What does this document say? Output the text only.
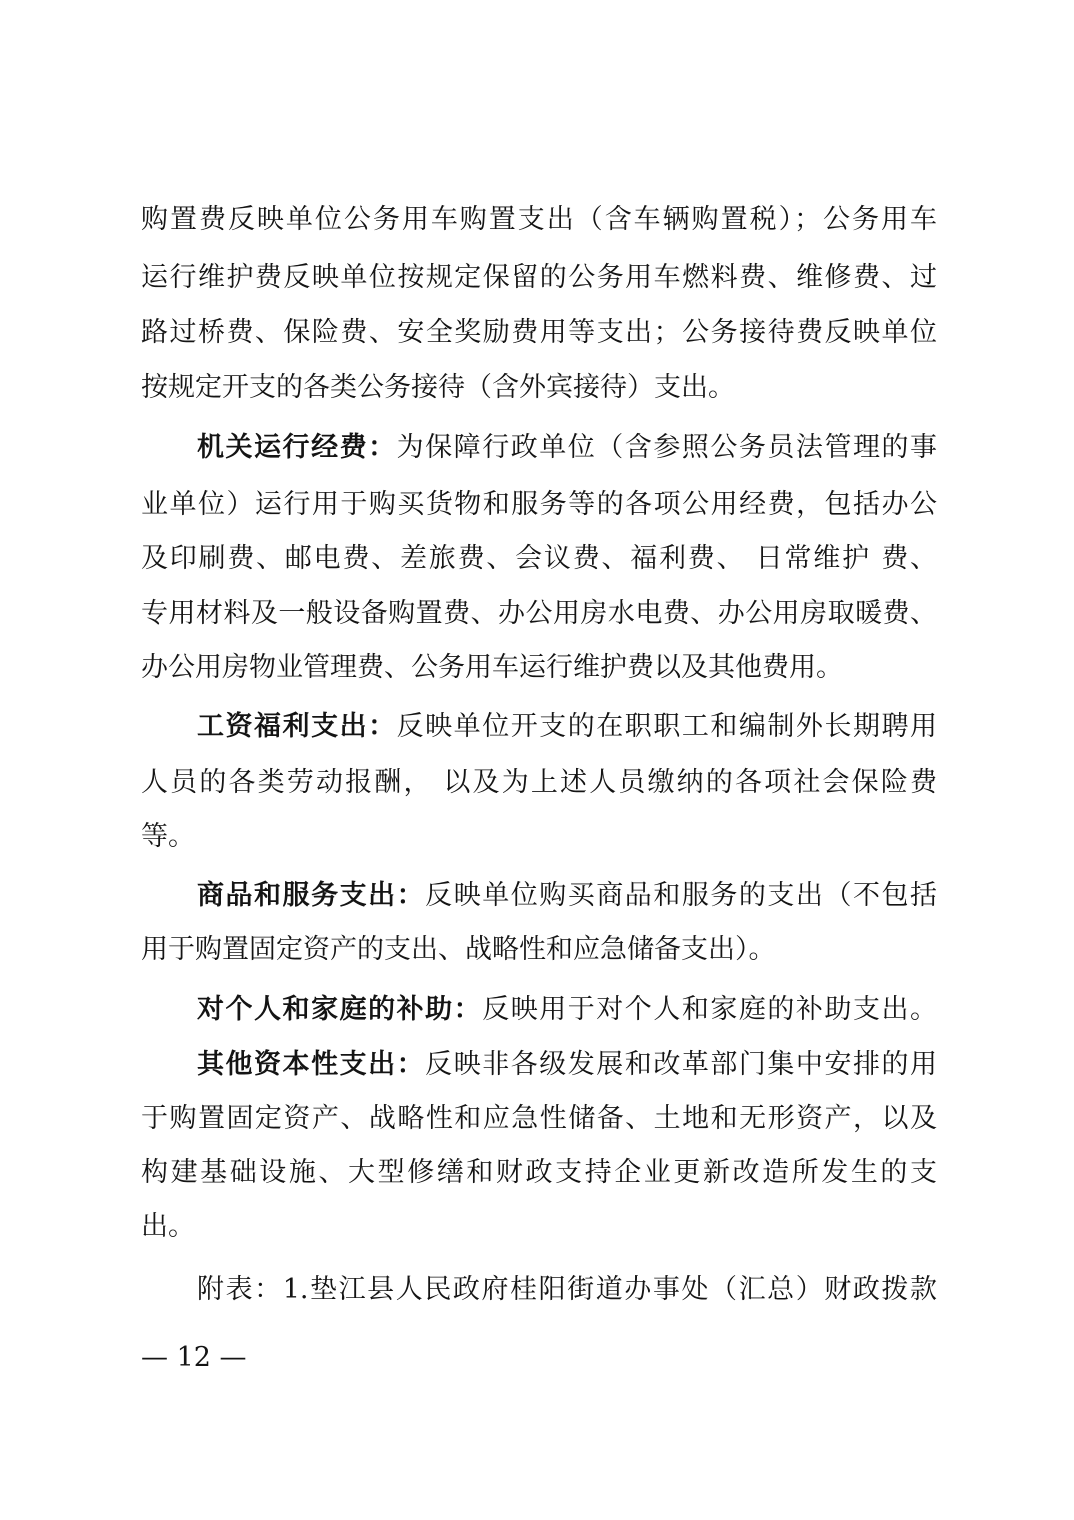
购置费反映单位公务用车购置支出（含车辆购置税）；公务用车
运行维护费反映单位按规定保留的公务用车燃料费、维修费、过
路过桥费、保险费、安全奖励费用等支出；公务接待费反映单位
按规定开支的各类公务接待（含外宾接待）支出。
机关运行经费：为保障行政单位（含参照公务员法管理的事
业单位）运行用于购买货物和服务等的各项公用经费，包括办公
及印刷费、邮电费、差旅费、会议费、福利费、 日常维护 费、
专用材料及一般设备购置费、办公用房水电费、办公用房取暖费、
办公用房物业管理费、公务用车运行维护费以及其他费用。
工资福利支出：反映单位开支的在职职工和编制外长期聘用
人员的各类劳动报酬， 以及为上述人员缴纳的各项社会保险费
等。
商品和服务支出：反映单位购买商品和服务的支出（不包括
用于购置固定资产的支出、战略性和应急储备支出）。
对个人和家庭的补助：反映用于对个人和家庭的补助支出。
其他资本性支出：反映非各级发展和改革部门集中安排的用
于购置固定资产、战略性和应急性储备、土地和无形资产，以及
构建基础设施、大型修缮和财政支持企业更新改造所发生的支
出。
附表：1.垫江县人民政府桂阳街道办事处（汇总）财政拨款
— 12 —
